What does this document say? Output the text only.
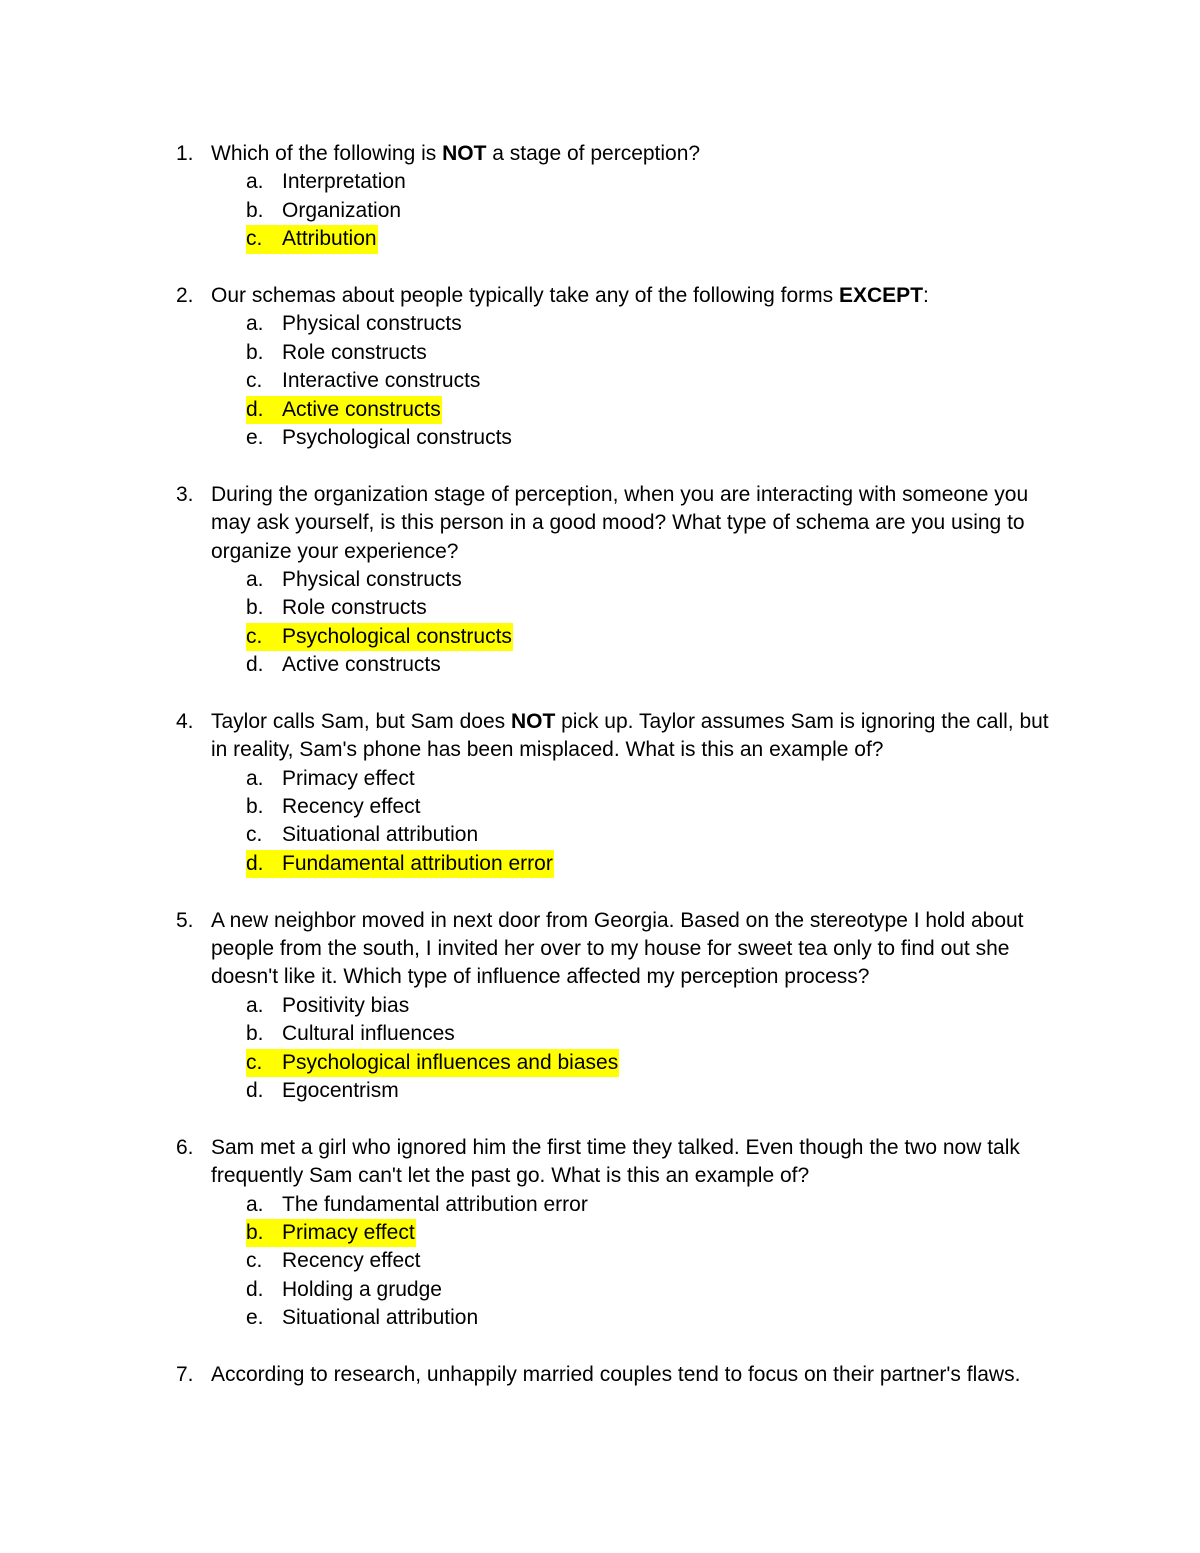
1. Which of the following is NOT a stage of perception?
a. Interpretation
b. Organization
c. Attribution
2. Our schemas about people typically take any of the following forms EXCEPT:
a. Physical constructs
b. Role constructs
c. Interactive constructs
d. Active constructs
e. Psychological constructs
3. During the organization stage of perception, when you are interacting with someone you may ask yourself, is this person in a good mood? What type of schema are you using to organize your experience?
a. Physical constructs
b. Role constructs
c. Psychological constructs
d. Active constructs
4. Taylor calls Sam, but Sam does NOT pick up. Taylor assumes Sam is ignoring the call, but in reality, Sam's phone has been misplaced. What is this an example of?
a. Primacy effect
b. Recency effect
c. Situational attribution
d. Fundamental attribution error
5. A new neighbor moved in next door from Georgia. Based on the stereotype I hold about people from the south, I invited her over to my house for sweet tea only to find out she doesn't like it. Which type of influence affected my perception process?
a. Positivity bias
b. Cultural influences
c. Psychological influences and biases
d. Egocentrism
6. Sam met a girl who ignored him the first time they talked. Even though the two now talk frequently Sam can't let the past go. What is this an example of?
a. The fundamental attribution error
b. Primacy effect
c. Recency effect
d. Holding a grudge
e. Situational attribution
7. According to research, unhappily married couples tend to focus on their partner's flaws.
